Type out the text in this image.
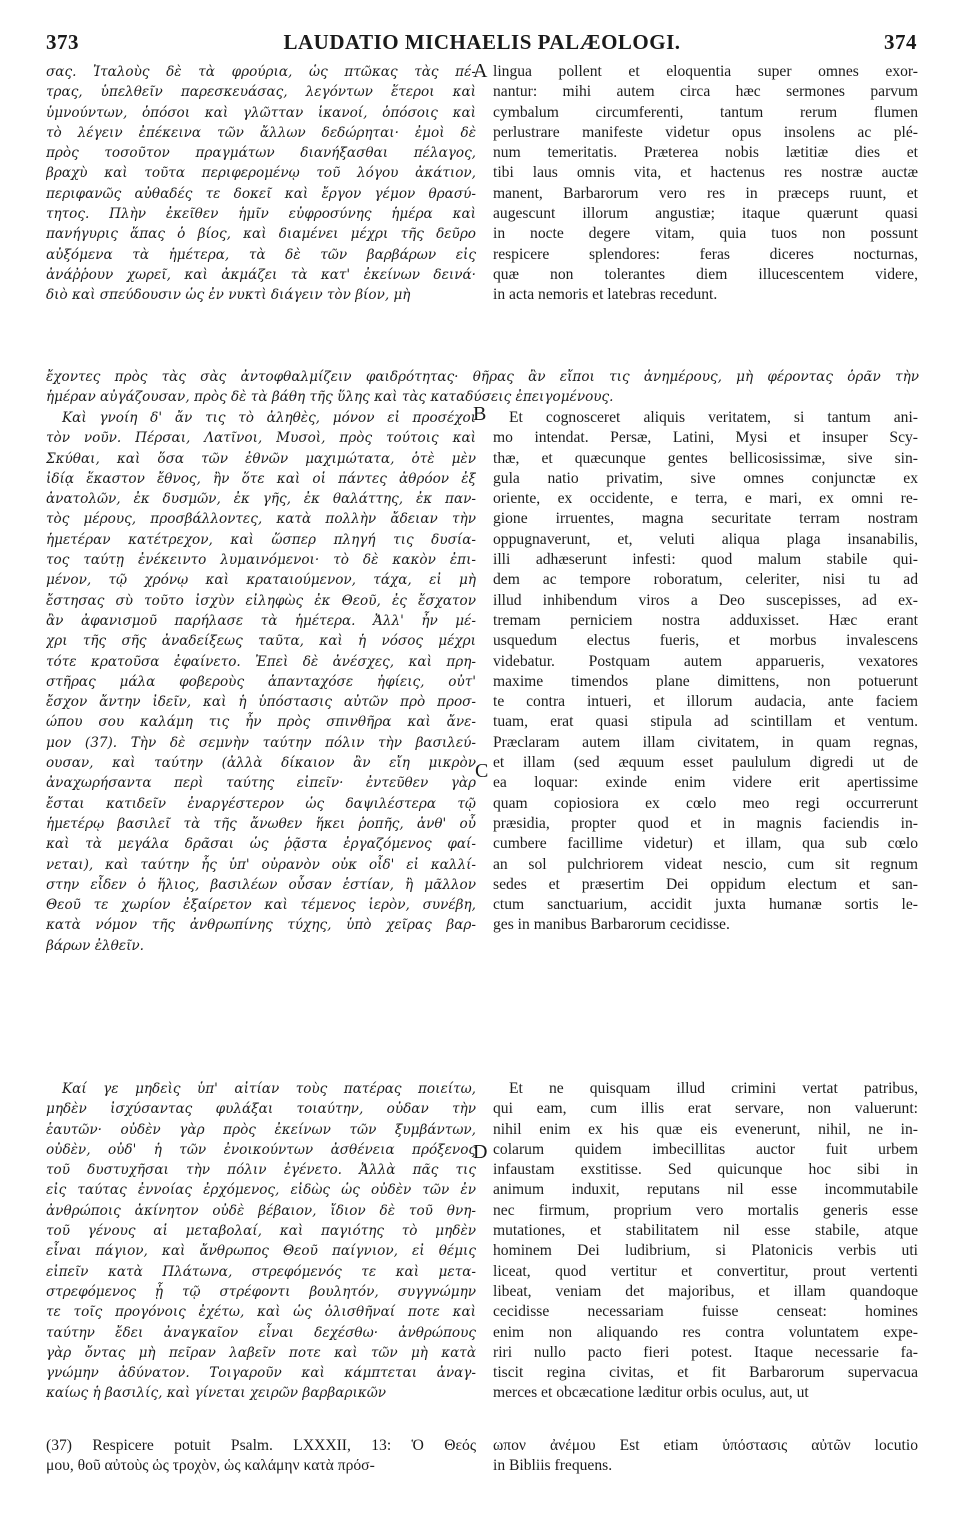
373	LAUDATIO MICHAELIS PALÆOLOGI.	374
A
B
C
D
σας. Ἰταλοὺς δὲ τὰ φρούρια, ὡς πτῶκας τὰς πέ-
τρας, ὑπελθεῖν παρεσκευάσας, λεγόντων ἕτεροι καὶ
ὑμνούντων, ὁπόσοι καὶ γλῶτταν ἱκανοί, ὁπόσοις καὶ
τὸ λέγειν ἐπέκεινα τῶν ἄλλων δεδώρηται· ἐμοὶ δὲ
πρὸς τοσοῦτον πραγμάτων διανήξασθαι πέλαγος,
βραχὺ καὶ τοῦτα περιφερομένῳ τοῦ λόγου ἀκάτιον,
περιφανῶς αὐθαδές τε δοκεῖ καὶ ἔργον γέμον θρασύ-
τητος. Πλὴν ἐκεῖθεν ἡμῖν εὐφροσύνης ἡμέρα καὶ
πανήγυρις ἅπας ὁ βίος, καὶ διαμένει μέχρι τῆς δεῦρο
αὐξόμενα τὰ ἡμέτερα, τὰ δὲ τῶν βαρβάρων εἰς
ἀνάῤῥουν χωρεῖ, καὶ ἀκμάζει τὰ κατ' ἐκείνων δεινά·
διὸ καὶ σπεύδουσιν ὡς ἐν νυκτὶ διάγειν τὸν βίον, μὴ
lingua pollent et eloquentia super omnes exor-
nantur: mihi autem circa hæc sermones parvum
cymbalum circumferenti, tantum rerum flumen
perlustrare manifeste videtur opus insolens ac plé-
num temeritatis. Præterea nobis lætitiæ dies et
tibi laus omnis vita, et hactenus res nostræ auctæ
manent, Barbarorum vero res in præceps ruunt, et
augescunt illorum angustiæ; itaque quærunt quasi
in nocte degere vitam, quia tuos non possunt
respicere splendores: feras diceres nocturnas,
quæ non tolerantes diem illucescentem videre,
in acta nemoris et latebras recedunt.
ἔχοντες πρὸς τὰς σὰς ἀντοφθαλμίζειν φαιδρότητας· θῆρας ἂν εἴποι τις ἀνημέρους, μὴ φέροντας ὁρᾶν τὴν
ἡμέραν αὐγάζουσαν, πρὸς δὲ τὰ βάθη τῆς ὕλης καὶ τὰς καταδύσεις ἐπειγομένους.
Καὶ γνοίη δ' ἄν τις τὸ ἀληθὲς, μόνον εἰ προσέχοι
τὸν νοῦν. Πέρσαι, Λατῖνοι, Μυσοὶ, πρὸς τούτοις καὶ
Σκύθαι, καὶ ὅσα τῶν ἐθνῶν μαχιμώτατα, ὁτὲ μὲν
ἰδίᾳ ἕκαστον ἔθνος, ἢν ὅτε καὶ οἱ πάντες ἀθρόον ἐξ
ἀνατολῶν, ἐκ δυσμῶν, ἐκ γῆς, ἐκ θαλάττης, ἐκ παν-
τὸς μέρους, προσβάλλοντες, κατὰ πολλὴν ἄδειαν τὴν
ἡμετέραν κατέτρεχον, καὶ ὥσπερ πληγή τις δυσία-
τος ταύτῃ ἐνέκειντο λυμαινόμενοι· τὸ δὲ κακὸν ἐπι-
μένον, τῷ χρόνῳ καὶ κραταιούμενον, τάχα, εἰ μὴ
ἔστησας σὺ τοῦτο ἰσχὺν εἰληφὼς ἐκ Θεοῦ, ἐς ἔσχατον
ἂν ἀφανισμοῦ παρήλασε τὰ ἡμέτερα. Ἀλλ' ἦν μέ-
χρι τῆς σῆς ἀναδείξεως ταῦτα, καὶ ἡ νόσος μέχρι
τότε κρατοῦσα ἐφαίνετο. Ἐπεὶ δὲ ἀνέσχες, καὶ πρη-
στῆρας μάλα φοβεροὺς ἁπανταχόσε ἠφίεις, οὐτ'
ἔσχον ἄντην ἰδεῖν, καὶ ἡ ὑπόστασις αὐτῶν πρὸ προσ-
ώπου σου καλάμη τις ἦν πρὸς σπινθῆρα καὶ ἄνε-
μον (37). Τὴν δὲ σεμνὴν ταύτην πόλιν τὴν βασιλεύ-
ουσαν, καὶ ταύτην (ἀλλὰ δίκαιον ἂν εἴη μικρὸν
ἀναχωρήσαντα περὶ ταύτης εἰπεῖν· ἐντεῦθεν γὰρ
ἔσται κατιδεῖν ἐναργέστερον ὡς δαψιλέστερα τῷ
ἡμετέρῳ βασιλεῖ τὰ τῆς ἄνωθεν ἥκει ῥοπῆς, ἀνθ' οὗ
καὶ τὰ μεγάλα δρᾶσαι ὡς ῥᾷστα ἐργαζόμενος φαί-
νεται), καὶ ταύτην ἧς ὑπ' οὐρανὸν οὐκ οἶδ' εἰ καλλί-
στην εἶδεν ὁ ἥλιος, βασιλέων οὖσαν ἑστίαν, ἢ μᾶλλον
Θεοῦ τε χωρίον ἐξαίρετον καὶ τέμενος ἱερὸν, συνέβη,
κατὰ νόμον τῆς ἀνθρωπίνης τύχης, ὑπὸ χεῖρας βαρ-
βάρων ἐλθεῖν.
Et cognosceret aliquis veritatem, si tantum ani-
mo intendat. Persæ, Latini, Mysi et insuper Scy-
thæ, et quæcunque gentes bellicosissimæ, sive sin-
gula natio privatim, sive omnes conjunctæ ex
oriente, ex occidente, e terra, e mari, ex omni re-
gione irruentes, magna securitate terram nostram
oppugnaverunt, et, veluti aliqua plaga insanabilis,
illi adhæserunt infesti: quod malum stabile qui-
dem ac tempore roboratum, celeriter, nisi tu ad
illud inhibendum viros a Deo suscepisses, ad ex-
tremam perniciem nostra adduxisset. Hæc erant
usquedum electus fueris, et morbus invalescens
videbatur. Postquam autem apparueris, vexatores
maxime timendos plane dimittens, non potuerunt
te contra intueri, et illorum audacia, ante faciem
tuam, erat quasi stipula ad scintillam et ventum.
Præclaram autem illam civitatem, in quam regnas,
et illam (sed æquum esset paululum digredi ut de
ea loquar: exinde enim videre erit apertissime
quam copiosiora ex cœlo meo regi occurrerunt
præsidia, propter quod et in magnis faciendis in-
cumbere facillime videtur) et illam, qua sub cœlo
an sol pulchriorem videat nescio, cum sit regnum
sedes et præsertim Dei oppidum electum et san-
ctum sanctuarium, accidit juxta humanæ sortis le-
ges in manibus Barbarorum cecidisse.
Καί γε μηδεὶς ὑπ' αἰτίαν τοὺς πατέρας ποιείτω,
μηδὲν ἰσχύσαντας φυλάξαι τοιαύτην, οὐδαν τὴν
ἑαυτῶν· οὐδὲν γὰρ πρὸς ἐκείνων τῶν ξυμβάντων,
οὐδὲν, οὐδ' ἡ τῶν ἐνοικούντων ἀσθένεια πρόξενος
τοῦ δυστυχῆσαι τὴν πόλιν ἐγένετο. Ἀλλὰ πᾶς τις
εἰς ταύτας ἐννοίας ἐρχόμενος, εἰδὼς ὡς οὐδὲν τῶν ἐν
ἀνθρώποις ἀκίνητον οὐδὲ βέβαιον, ἴδιον δὲ τοῦ θνη-
τοῦ γένους αἱ μεταβολαί, καὶ παγιότης τὸ μηδὲν
εἶναι πάγιον, καὶ ἄνθρωπος Θεοῦ παίγνιον, εἰ θέμις
εἰπεῖν κατὰ Πλάτωνα, στρεφόμενός τε καὶ μετα-
στρεφόμενος ᾗ τῷ στρέφοντι βουλητόν, συγγνώμην
τε τοῖς προγόνοις ἐχέτω, καὶ ὡς ὀλισθῆναί ποτε καὶ
ταύτην ἔδει ἀναγκαῖον εἶναι δεχέσθω· ἀνθρώπους
γὰρ ὄντας μὴ πεῖραν λαβεῖν ποτε καὶ τῶν μὴ κατὰ
γνώμην ἀδύνατον. Τοιγαροῦν καὶ κάμπτεται ἀναγ-
καίως ἡ βασιλίς, καὶ γίνεται χειρῶν βαρβαρικῶν
Et ne quisquam illud crimini vertat patribus,
qui eam, cum illis erat servare, non valuerunt:
nihil enim ex his quæ eis evenerunt, nihil, ne in-
colarum quidem imbecillitas auctor fuit urbem
infaustam exstitisse. Sed quicunque hoc sibi in
animum induxit, reputans nil esse incommutabile
nec firmum, proprium vero mortalis generis esse
mutationes, et stabilitatem nil esse stabile, atque
hominem Dei ludibrium, si Platonicis verbis uti
liceat, quod vertitur et convertitur, prout vertenti
libeat, veniam det majoribus, et illam quandoque
cecidisse necessariam fuisse censeat: homines
enim non aliquando res contra voluntatem expe-
riri nullo pacto fieri potest. Itaque necessarie fa-
tiscit regina civitas, et fit Barbarorum supervacua
merces et obcæcatione læditur orbis oculus, aut, ut
(37) Respicere potuit Psalm. LXXXII, 13: Ὁ Θεός
μου, θοῦ αὐτοὺς ὡς τροχὸν, ὡς καλάμην κατὰ πρόσ-
ωπον ἀνέμου Est etiam ὑπόστασις αὐτῶν locutio
in Bibliis frequens.
